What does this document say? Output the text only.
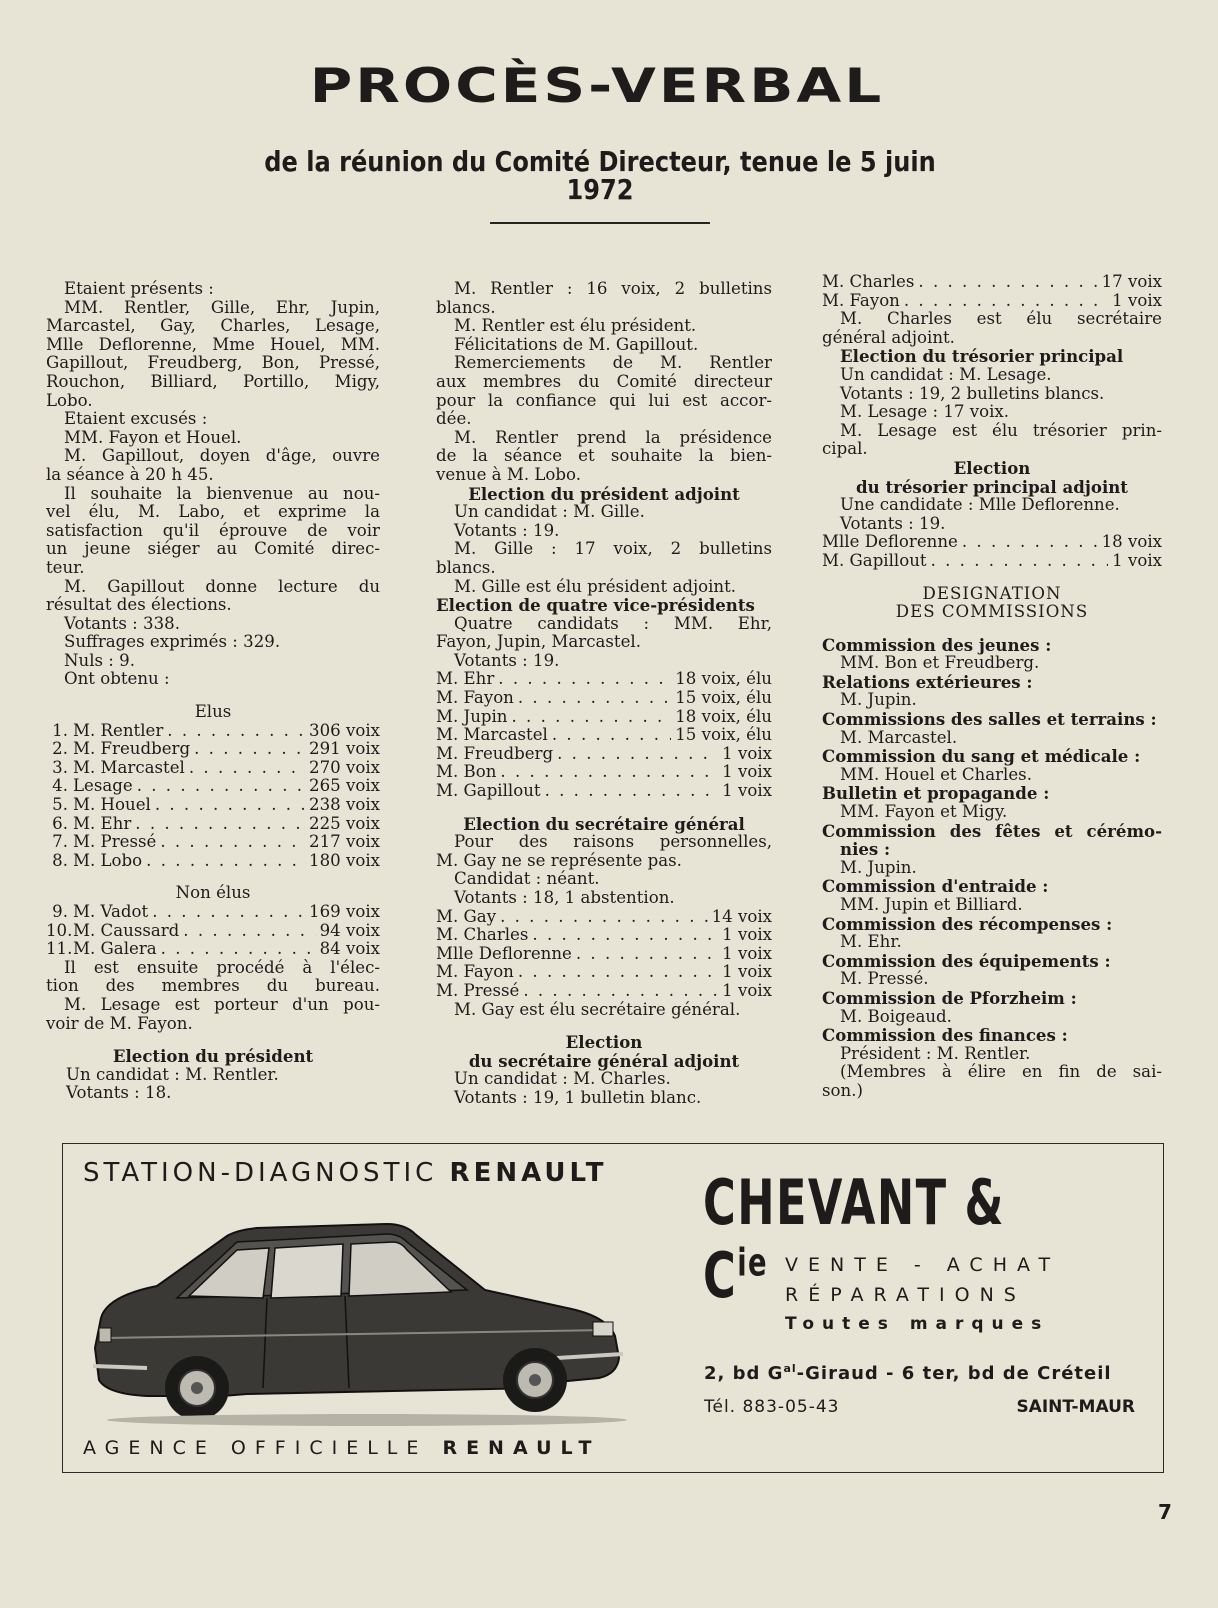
PROCÈS-VERBAL
de la réunion du Comité Directeur, tenue le 5 juin 1972
Etaient présents :
MM. Rentler, Gille, Ehr, Jupin,
Marcastel, Gay, Charles, Lesage,
Mlle Deflorenne, Mme Houel, MM.
Gapillout, Freudberg, Bon, Pressé,
Rouchon, Billiard, Portillo, Migy,
Lobo.
Etaient excusés :
MM. Fayon et Houel.
M. Gapillout, doyen d'âge, ouvre
la séance à 20 h 45.
Il souhaite la bienvenue au nou-
vel élu, M. Labo, et exprime la
satisfaction qu'il éprouve de voir
un jeune siéger au Comité direc-
teur.
M. Gapillout donne lecture du
résultat des élections.
Votants : 338.
Suffrages exprimés : 329.
Nuls : 9.
Ont obtenu :
Elus
1. M. Rentler . . .	306 voix
2. M. Freudberg . . .	291 voix
3. M. Marcastel . . .	270 voix
4. Lesage . . .	265 voix
5. M. Houel . . .	238 voix
6. M. Ehr . . .	225 voix
7. M. Pressé . . .	217 voix
8. M. Lobo . . .	180 voix
Non élus
9. M. Vadot . . .	169 voix
10.M. Caussard . . .	94 voix
11.M. Galera . . .	84 voix
Il est ensuite procédé à l'élec-
tion des membres du bureau.
M. Lesage est porteur d'un pou-
voir de M. Fayon.
Election du président
Un candidat : M. Rentler.
Votants : 18.
M. Rentler : 16 voix, 2 bulletins
blancs.
M. Rentler est élu président.
Félicitations de M. Gapillout.
Remerciements de M. Rentler
aux membres du Comité directeur
pour la confiance qui lui est accor-
dée.
M. Rentler prend la présidence
de la séance et souhaite la bien-
venue à M. Lobo.
Election du président adjoint
Un candidat : M. Gille.
Votants : 19.
M. Gille : 17 voix, 2 bulletins
blancs.
M. Gille est élu président adjoint.
Election de quatre vice-présidents
Quatre candidats : MM. Ehr,
Fayon, Jupin, Marcastel.
Votants : 19.
M. Ehr . . .	18 voix, élu
M. Fayon . . .	15 voix, élu
M. Jupin . . .	18 voix, élu
M. Marcastel . . .	15 voix, élu
M. Freudberg . . .	1 voix
M. Bon . . .	1 voix
M. Gapillout . . .	1 voix
Election du secrétaire général
Pour des raisons personnelles,
M. Gay ne se représente pas.
Candidat : néant.
Votants : 18, 1 abstention.
M. Gay . . .	14 voix
M. Charles . . .	1 voix
Mlle Deflorenne . . .	1 voix
M. Fayon . . .	1 voix
M. Pressé . . .	1 voix
M. Gay est élu secrétaire général.
Election
du secrétaire général adjoint
Un candidat : M. Charles.
Votants : 19, 1 bulletin blanc.
M. Charles . . .	17 voix
M. Fayon . . .	1 voix
M. Charles est élu secrétaire
général adjoint.
Election du trésorier principal
Un candidat : M. Lesage.
Votants : 19, 2 bulletins blancs.
M. Lesage : 17 voix.
M. Lesage est élu trésorier prin-
cipal.
Election
du trésorier principal adjoint
Une candidate : Mlle Deflorenne.
Votants : 19.
Mlle Deflorenne . . .	18 voix
M. Gapillout . . .	1 voix
DESIGNATION
DES COMMISSIONS
Commission des jeunes :
MM. Bon et Freudberg.
Relations extérieures :
M. Jupin.
Commissions des salles et terrains :
M. Marcastel.
Commission du sang et médicale :
MM. Houel et Charles.
Bulletin et propagande :
MM. Fayon et Migy.
Commission des fêtes et cérémo-
nies :
M. Jupin.
Commission d'entraide :
MM. Jupin et Billiard.
Commission des récompenses :
M. Ehr.
Commission des équipements :
M. Pressé.
Commission de Pforzheim :
M. Boigeaud.
Commission des finances :
Président : M. Rentler.
(Membres à élire en fin de sai-
son.)
STATION-DIAGNOSTIC RENAULT CHEVANT & $C^{ie}$ VENTE - ACHAT
RÉPARATIONS
Toutes marques
2, bd $G^{al}$-Giraud - 6 ter, bd de Créteil
Tél. 883-05-43	SAINT-MAUR
AGENCE OFFICIELLE RENAULT
7
